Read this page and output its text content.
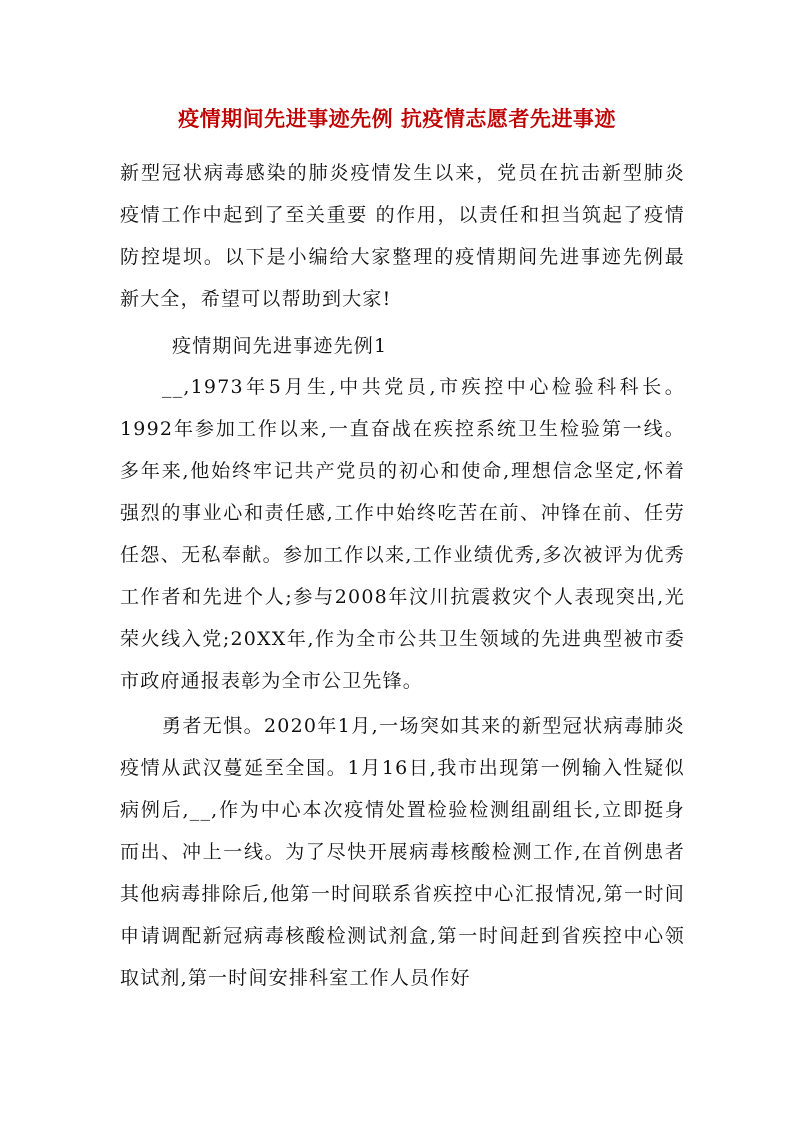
疫情期间先进事迹先例 抗疫情志愿者先进事迹

新型冠状病毒感染的肺炎疫情发生以来，党员在抗击新型肺炎疫情工作中起到了至关重要 的作用，以责任和担当筑起了疫情防控堤坝。以下是小编给大家整理的疫情期间先进事迹先例最新大全，希望可以帮助到大家!

疫情期间先进事迹先例1

__,1973年5月生,中共党员,市疾控中心检验科科长。1992年参加工作以来,一直奋战在疾控系统卫生检验第一线。多年来,他始终牢记共产党员的初心和使命,理想信念坚定,怀着强烈的事业心和责任感,工作中始终吃苦在前、冲锋在前、任劳任怨、无私奉献。参加工作以来,工作业绩优秀,多次被评为优秀工作者和先进个人;参与2008年汶川抗震救灾个人表现突出,光荣火线入党;20XX年,作为全市公共卫生领域的先进典型被市委市政府通报表彰为全市公卫先锋。

勇者无惧。2020年1月,一场突如其来的新型冠状病毒肺炎疫情从武汉蔓延至全国。1月16日,我市出现第一例输入性疑似病例后,__,作为中心本次疫情处置检验检测组副组长,立即挺身而出、冲上一线。为了尽快开展病毒核酸检测工作,在首例患者其他病毒排除后,他第一时间联系省疾控中心汇报情况,第一时间申请调配新冠病毒核酸检测试剂盒,第一时间赶到省疾控中心领取试剂,第一时间安排科室工作人员作好
